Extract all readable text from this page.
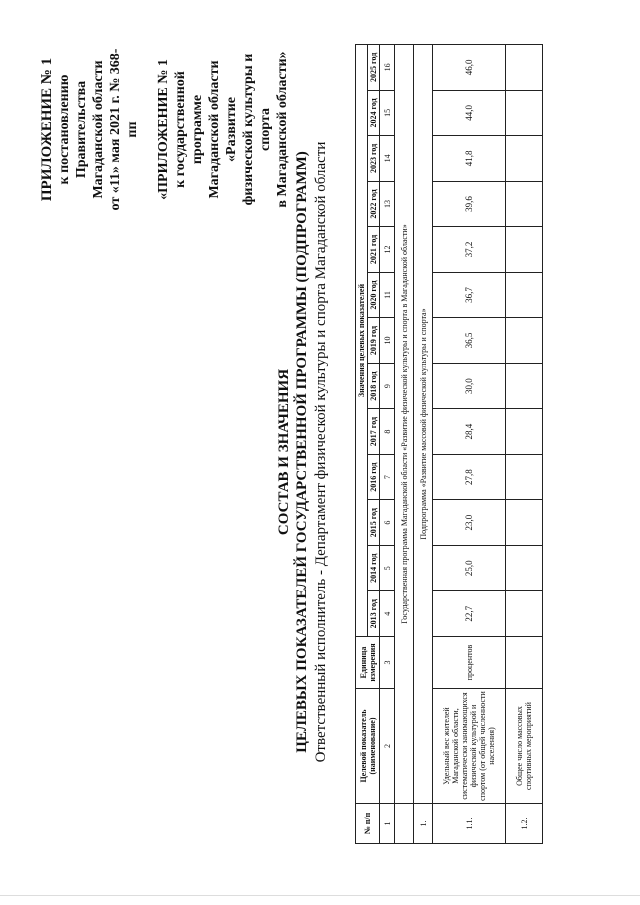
ПРИЛОЖЕНИЕ № 1 к постановлению Правительства Магаданской области от «11» мая 2021 г. № 368-пп «ПРИЛОЖЕНИЕ № 1 к государственной программе Магаданской области «Развитие физической культуры и спорта в Магаданской области»
СОСТАВ И ЗНАЧЕНИЯ ЦЕЛЕВЫХ ПОКАЗАТЕЛЕЙ ГОСУДАРСТВЕННОЙ ПРОГРАММЫ (ПОДПРОГРАММ) Ответственный исполнитель - Департамент физической культуры и спорта Магаданской области
№ п/п	Целевой показатель (наименование)	Единица измерения	Значения целевых показателей												
			2013 год	2014 год	2015 год	2016 год	2017 год	2018 год	2019 год	2020 год	2021 год	2022 год	2023 год	2024 год	2025 год
1	2	3	4	5	6	7	8	9	10	11	12	13	14	15	16
	Государственная программа Магаданской области «Развитие физической культуры и спорта в Магаданской области»														
1.	Подпрограмма «Развитие массовой физической культуры и спорта»														
1.1.	Удельный вес жителей Магаданской области, систематически занимающихся физической культурой и спортом (от общей численности населения)	процентов	22,7	25,0	23,0	27,8	28,4	30,0	36,5	36,7	37,2	39,6	41,8	44,0	46,0
1.2.	Общее число массовых спортивных мероприятий														
